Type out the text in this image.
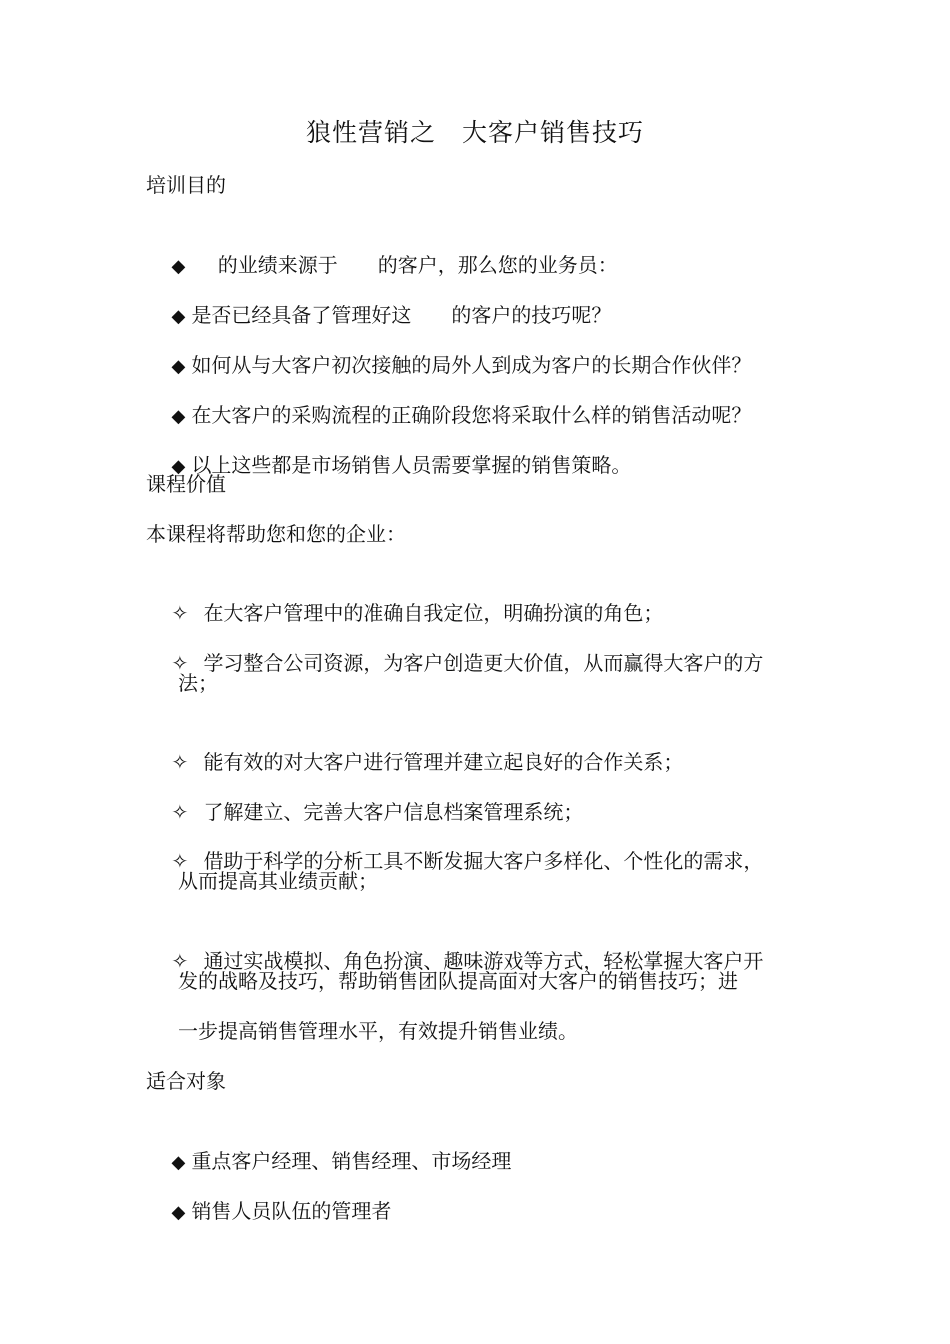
狼性营销之　大客户销售技巧
培训目的

◆　 的业绩来源于　　的客户，那么您的业务员：

◆ 是否已经具备了管理好这　　的客户的技巧呢？

◆ 如何从与大客户初次接触的局外人到成为客户的长期合作伙伴？

◆ 在大客户的采购流程的正确阶段您将采取什么样的销售活动呢？

◆ 以上这些都是市场销售人员需要掌握的销售策略。

课程价值
本课程将帮助您和您的企业：

✧ 在大客户管理中的准确自我定位，明确扮演的角色；

✧ 学习整合公司资源，为客户创造更大价值，从而赢得大客户的方

法；

✧ 能有效的对大客户进行管理并建立起良好的合作关系；

✧ 了解建立、完善大客户信息档案管理系统；

✧ 借助于科学的分析工具不断发掘大客户多样化、个性化的需求，

从而提高其业绩贡献；

✧ 通过实战模拟、角色扮演、趣味游戏等方式，轻松掌握大客户开

发的战略及技巧，帮助销售团队提高面对大客户的销售技巧；进
一步提高销售管理水平，有效提升销售业绩。
适合对象

◆ 重点客户经理、销售经理、市场经理

◆ 销售人员队伍的管理者
